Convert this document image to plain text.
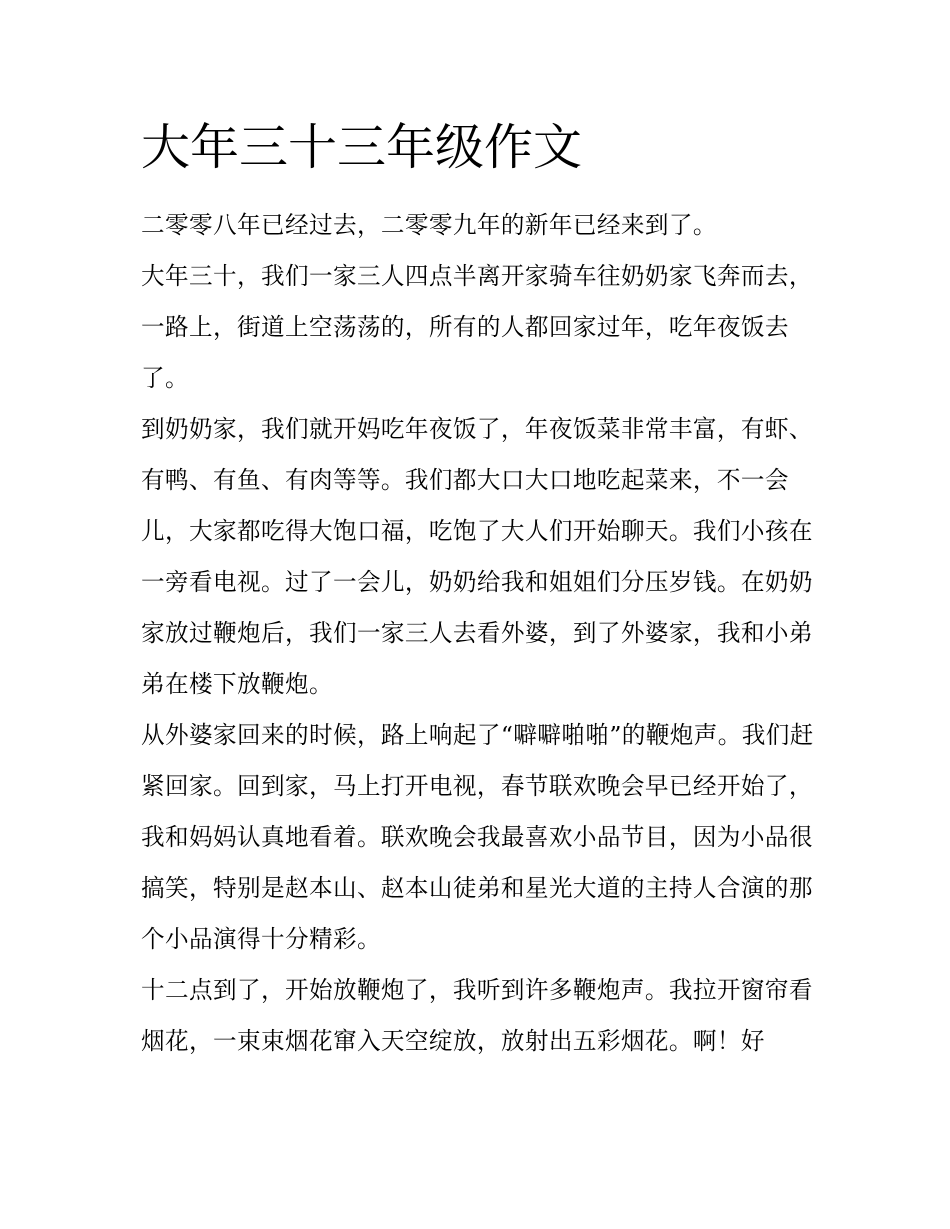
大年三十三年级作文

二零零八年已经过去，二零零九年的新年已经来到了。

大年三十，我们一家三人四点半离开家骑车往奶奶家飞奔而去，一路上，街道上空荡荡的，所有的人都回家过年，吃年夜饭去了。

到奶奶家，我们就开妈吃年夜饭了，年夜饭菜非常丰富，有虾、有鸭、有鱼、有肉等等。我们都大口大口地吃起菜来，不一会儿，大家都吃得大饱口福，吃饱了大人们开始聊天。我们小孩在一旁看电视。过了一会儿，奶奶给我和姐姐们分压岁钱。在奶奶家放过鞭炮后，我们一家三人去看外婆，到了外婆家，我和小弟弟在楼下放鞭炮。

从外婆家回来的时候，路上响起了“噼噼啪啪”的鞭炮声。我们赶紧回家。回到家，马上打开电视，春节联欢晚会早已经开始了，我和妈妈认真地看着。联欢晚会我最喜欢小品节目，因为小品很搞笑，特别是赵本山、赵本山徒弟和星光大道的主持人合演的那个小品演得十分精彩。

十二点到了，开始放鞭炮了，我听到许多鞭炮声。我拉开窗帘看烟花，一束束烟花窜入天空绽放，放射出五彩烟花。啊！好
